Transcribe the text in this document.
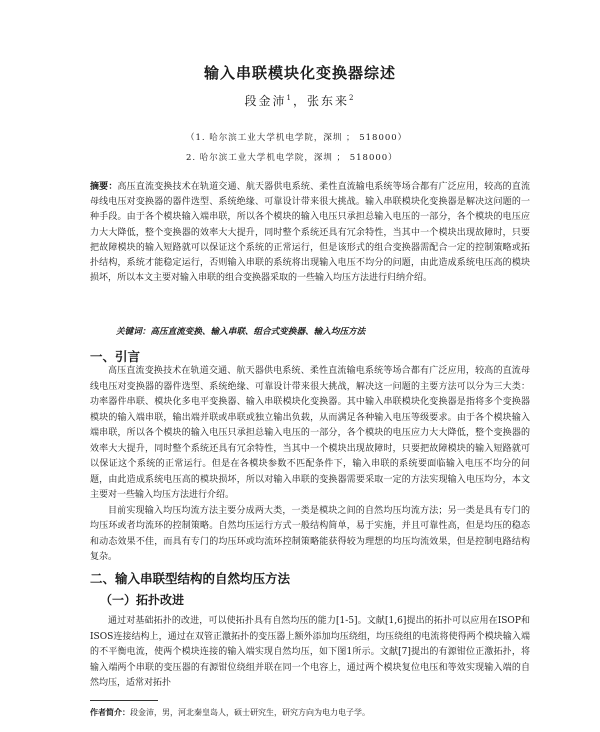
输入串联模块化变换器综述
段金沛$^1$，张东来$^2$
（1. 哈尔滨工业大学机电学院，深圳 ； 518000）
2. 哈尔滨工业大学机电学院，深圳 ； 518000）
摘要：高压直流变换技术在轨道交通、航天器供电系统、柔性直流输电系统等场合都有广泛应用，较高的直流母线电压对变换器的器件选型、系统绝缘、可靠设计带来很大挑战。输入串联模块化变换器是解决这问题的一种手段。由于各个模块输入端串联，所以各个模块的输入电压只承担总输入电压的一部分，各个模块的电压应力大大降低，整个变换器的效率大大提升，同时整个系统还具有冗余特性，当其中一个模块出现故障时，只要把故障模块的输入短路就可以保证这个系统的正常运行，但是该形式的组合变换器需配合一定的控制策略或拓扑结构，系统才能稳定运行，否则输入串联的系统将出现输入电压不均分的问题，由此造成系统电压高的模块损坏，所以本文主要对输入串联的组合变换器采取的一些输入均压方法进行归纳介绍。
关键词：高压直流变换、输入串联、组合式变换器、输入均压方法
一、引言

高压直流变换技术在轨道交通、航天器供电系统、柔性直流输电系统等场合都有广泛应用，较高的直流母线电压对变换器的器件选型、系统绝缘、可靠设计带来很大挑战，解决这一问题的主要方法可以分为三大类：功率器件串联、模块化多电平变换器、输入串联模块化变换器。其中输入串联模块化变换器是指将多个变换器模块的输入端串联，输出端并联或串联或独立输出负载，从而满足各种输入电压等级要求。由于各个模块输入端串联，所以各个模块的输入电压只承担总输入电压的一部分，各个模块的电压应力大大降低，整个变换器的效率大大提升，同时整个系统还具有冗余特性，当其中一个模块出现故障时，只要把故障模块的输入短路就可以保证这个系统的正常运行。但是在各模块参数不匹配条件下，输入串联的系统要面临输入电压不均分的问题，由此造成系统电压高的模块损坏，所以对输入串联的变换器需要采取一定的方法实现输入电压均分，本文主要对一些输入均压方法进行介绍。

目前实现输入均压均流方法主要分成两大类，一类是模块之间的自然均压均流方法；另一类是具有专门的均压环或者均流环的控制策略。自然均压运行方式一般结构简单，易于实施，并且可靠性高，但是均压的稳态和动态效果不佳，而具有专门的均压环或均流环控制策略能获得较为理想的均压均流效果，但是控制电路结构复杂。

二、输入串联型结构的自然均压方法
（一）拓扑改进

通过对基础拓扑的改进，可以使拓扑具有自然均压的能力[1-5]。文献[1,6]提出的拓扑可以应用在ISOP和ISOS连接结构上，通过在双管正激拓扑的变压器上额外添加均压绕组，均压绕组的电流将使得两个模块输入端的不平衡电流，使两个模块连接的输入端实现自然均压，如下图1所示。文献[7]提出的有源钳位正激拓扑，将输入端两个串联的变压器的有源钳位绕组并联在同一个电容上，通过两个模块复位电压和等效实现输入端的自然均压，适常对拓扑

作者简介：段金沛，男，河北秦皇岛人，硕士研究生，研究方向为电力电子学。
